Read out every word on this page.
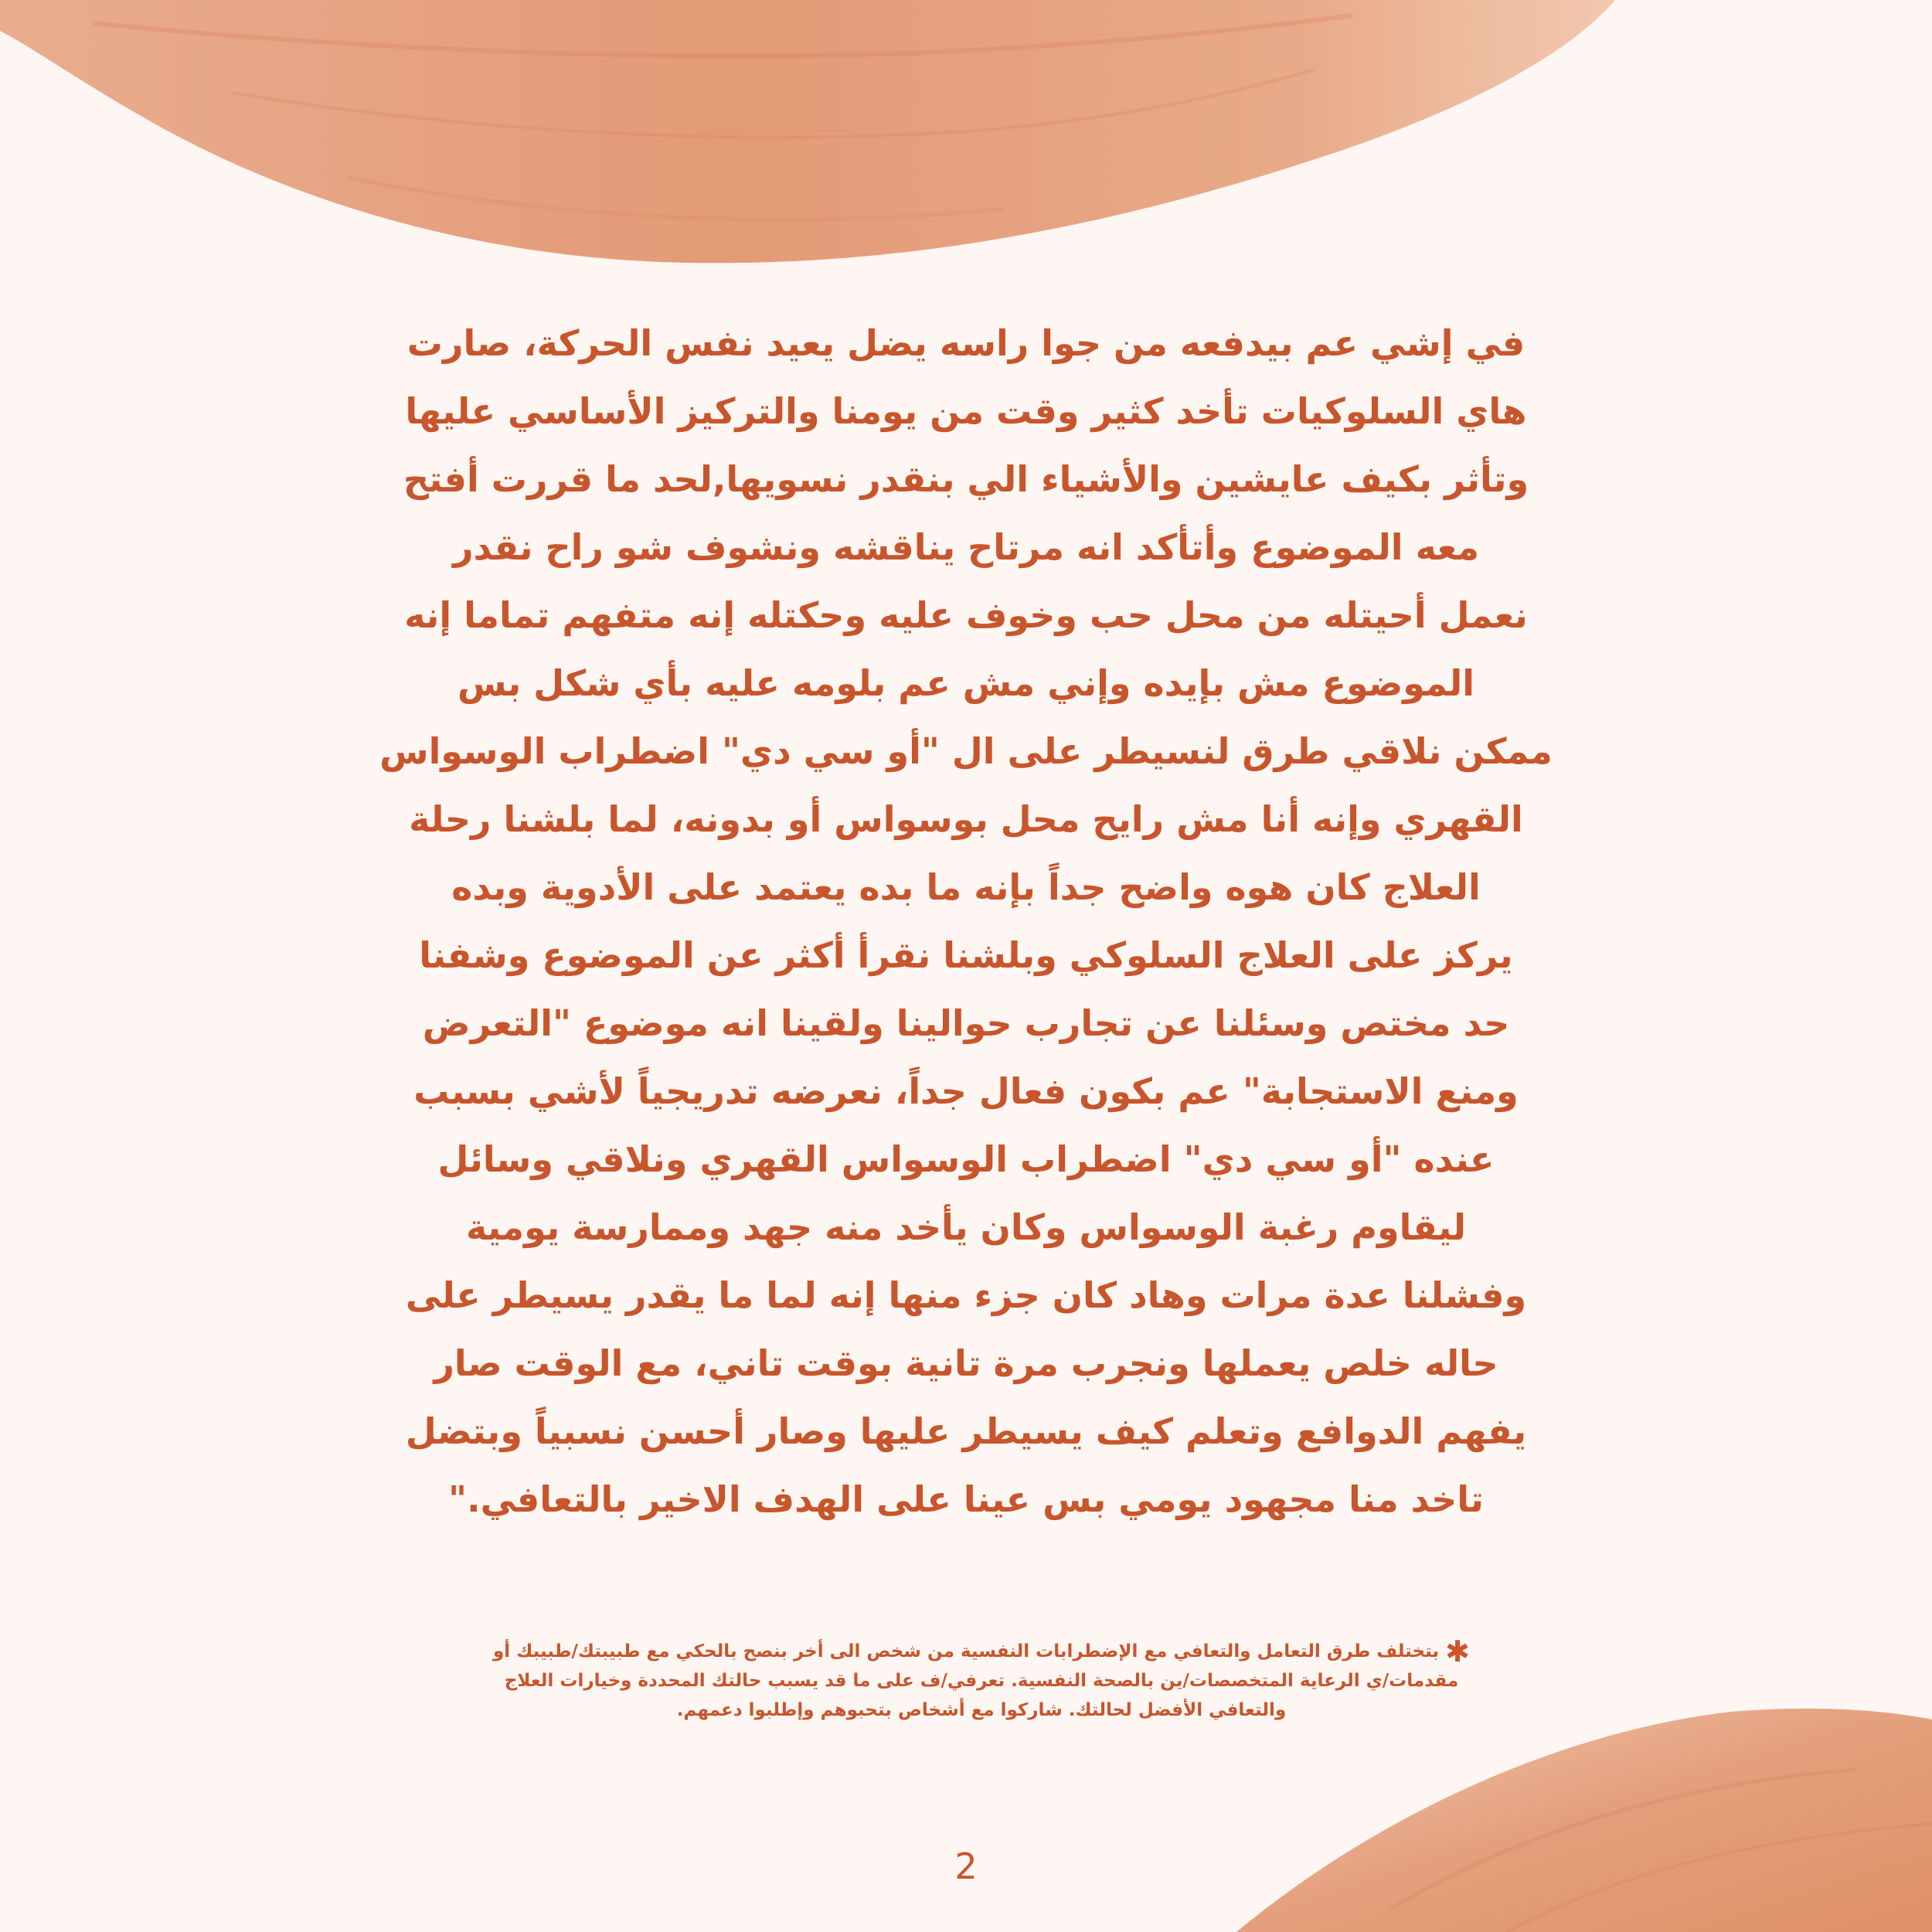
في إشي عم بيدفعه من جوا راسه يضل يعيد نفس الحركة، صارت
هاي السلوكيات تأخد كثير وقت من يومنا والتركيز الأساسي عليها
وتأثر بكيف عايشين والأشياء الي بنقدر نسويها,لحد ما قررت أفتح
معه الموضوع وأتأكد انه مرتاح يناقشه ونشوف شو راح نقدر
نعمل أحيتله من محل حب وخوف عليه وحكتله إنه متفهم تماما إنه
الموضوع مش بإيده وإني مش عم بلومه عليه بأي شكل بس
ممكن نلاقي طرق لنسيطر على ال "أو سي دي" اضطراب الوسواس
القهري وإنه أنا مش رايح محل بوسواس أو بدونه، لما بلشنا رحلة
العلاج كان هوه واضح جداً بإنه ما بده يعتمد على الأدوية وبده
يركز على العلاج السلوكي وبلشنا نقرأ أكثر عن الموضوع وشفنا
حد مختص وسئلنا عن تجارب حوالينا ولقينا انه موضوع "التعرض
ومنع الاستجابة" عم بكون فعال جداً، نعرضه تدريجياً لأشي بسبب
عنده "أو سي دي" اضطراب الوسواس القهري ونلاقي وسائل
ليقاوم رغبة الوسواس وكان يأخد منه جهد وممارسة يومية
وفشلنا عدة مرات وهاد كان جزء منها إنه لما ما يقدر يسيطر على
حاله خلص يعملها ونجرب مرة تانية بوقت تاني، مع الوقت صار
يفهم الدوافع وتعلم كيف يسيطر عليها وصار أحسن نسبياً وبتضل
تاخد منا مجهود يومي بس عينا على الهدف الاخير بالتعافي."
✱بتختلف طرق التعامل والتعافي مع الإضطرابات النفسية من شخص الى أخر بنصح بالحكي مع طبيبتك/طبيبك أو
مقدمات/ي الرعاية المتخصصات/ين بالصحة النفسية. تعرفي/ف على ما قد يسبب حالتك المحددة وخيارات العلاج
والتعافي الأفضل لحالتك. شاركوا مع أشخاص بتحبوهم وإطلبوا دعمهم.
2
